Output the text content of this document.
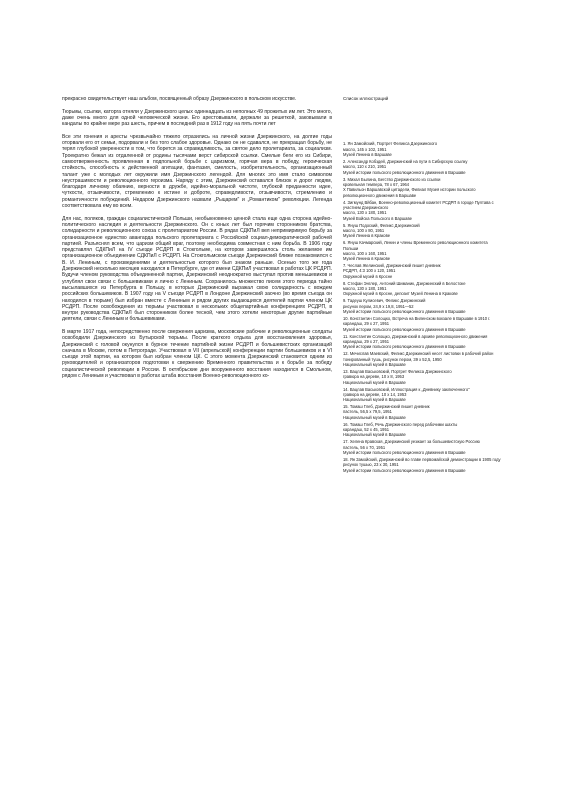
прекрасно свидетельствует наш альбом, посвященный образу Дзержинского в польском искусстве.

Тюрьмы, ссылки, каторга отняли у Дзержинского целых одиннадцать из неполных 49 прожитых им лет. Это много, даже очень много для одной человеческой жизни. Его арестовывали, держали за решеткой, заковывали в кандалы по крайне мере раз шесть, причем в последний раз в 1912 году на пять почти лет

Все эти гонения и аресты чрезвычайно тяжело отразились на личной жизни Дзержинского, на долгие годы оторвали его от семьи, подорвали и без того слабое здоровье. Однако он не сдавался, не прекращал борьбу, не терял глубокой уверенности в том, что борется за справедливость, за святое дело пролетариата, за социализм. Троекратно бежал из отдаленной от родины тысячами верст сибирской ссылки. Смелые беги его из Сибири, самоотверженность проявленная в подпольной борьбе с царизмом, горячая вера в победу, героическая стойкость, способность к действенной агитации, фантазия, смелость, изобретательность, организационный талант уже с молодых лет окружили имя Дзержинского легендой. Для многих это имя стало символом неустрашимости и революционного героизма. Наряду с этим, Дзержинский оставался близок и дорог людям, благодаря личному обаянию, верности в дружбе, идейно-моральной чистоте, глубокой преданности идее, чуткости, отзывчивости, стремлению к истине и доброте, справедливости, отзывчивости, стремлению и романтичности побуждений. Недаром Дзержинского назвали „Рыцарем" и „Романтиком" революции. Легенда соответствовала ему во всем.

Для нас, поляков, граждан социалистической Польши, необыкновенно ценной стала еще одна сторона идейно-политического наследия и деятельности Дзержинского. Он с юных лет был горячим сторонником братства, солидарности и революционного союза с пролетариатом России. В рядах СДКПиЛ вел непримиримую борьбу за организационное единство авангарда польского пролетариата с Российской социал-демократической рабочей партией. Разъяснял всем, что царизм общий враг, поэтому необходима совместная с ним борьба. В 1906 году представлял СДКПиЛ на IV съезде РСДРП в Стокгольме, на котором завершилось столь желаемое им организационное объединение СДКПиЛ с РСДРП. На Стокгольмском съезде Дзержинский ближе познакомился с В. И. Лениным, с произведениями и деятельностью которого был знаком раньше. Осенью того же года Дзержинский несколько месяцев находился в Петербурге, где от имени СДКПиЛ участвовал в работах ЦК РСДРП. Будучи членом руководства объединенной партии, Дзержинский неоднократно выступал против меньшевиков и углублял свои связи с большевиками и лично с Лениным. Сохранилось множество писем этого периода тайно высылавшихся из Петербурга в Польшу, в которых Дзержинский выражал свою солидарность с вождем российских большевиков. В 1907 году на V съезде РСДРП в Лондоне Дзержинский заочно (во время съезда он находился в тюрьме) был избран вместе с Лениным и рядом других выдающихся деятелей партии членом ЦК РСДРП. После освобождения из тюрьмы участвовал в нескольких общепартийных конференциях РСДРП, в внутри руководства СДКПиЛ был сторонником более тесной, чем этого хотели некоторые другие партийные деятели, связи с Лениным и большевиками.

В марте 1917 года, непосредственно после свержения царизма, московские рабочие и революционные солдаты освободили Дзержинского из Бутырской тюрьмы. После краткого отдыха для восстановления здоровья, Дзержинский с головой окунулся в бурное течение партийной жизни РСДРП и большевистских организаций сначала в Москве, потом в Петрограде. Участвовал в VII (апрельской) конференции партии большевиков и в VI съезде этой партии, на котором был избран членом ЦК. С этого момента Дзержинский становится одним из руководителей и организаторов подготовки к свержению Временного правительства и к борьбе за победу социалистической революции в России. В октябрьские дни вооруженного восстания находился в Смольном, рядом с Лениным и участвовал в работах штаба восстания Военно-революционного ко-

Список иллюстраций
1. Ян Замойский, Портрет Феликса Дзержинского
масло, 145 x 102, 1951
Музей Ленина в Варшаве
2. Александр Кобздей, Дзержинский на пути в Сибирскую ссылку
масло, 110 x 210, 1951
Музей истории польского революционного движения в Варшаве
3. Михал Былина, Бегство Дзержинского из ссылки
кровельная темпера, 78 x 67, 1964
X Павильон Варшавской цитадели, Филиал Музея истории польского революционного движения в Варшаве
4. Зигмунд Вйбан, Военно-революционный комитет РСДРП в городе Пултава с участием Дзержинского
масло, 130 x 180, 1951
Музей Войска Польского в Варшаве
5. Януш Подоский, Феликс Дзержинский
масло, 100 x 80, 1951
Музей Ленина в Кракове
6. Януш Качмарский, Ленин и члены Временного революционного комитета Польши
масло, 100 x 160, 1951
Музей Ленина в Кракове
7. Чеслав Желинский, Дзержинский пишет дневник
РСДРП, 4:3 100 x 120, 1951
Окружной музей в Кросне
8. Стефан Энглер, Антоний Шиманик, Дзержинский в Белостоке
масло, 130 x 180, 1951
Окружной музей в Кросне, депозит Музей Ленина в Кракове
9. Тадеуш Кулисевич, Феликс Дзержинский
рисунок пером, 24,9 x 19,8, 1951—52
Музей истории польского революционного движения в Варшаве
10. Константин Солощко, Встреча на Виленском вокзале в Варшаве в 1910 г.
карандаш, 29 x 27, 1951
Музей истории польского революционного движения в Варшаве
11. Константин Солощко, Дзержинский в архиве революционного движения
карандаш, 29 x 27, 1951
Музей истории польского революционного движения в Варшаве
12. Мечислав Маевский, Феликс Дзержинский несет листовки в рабочий район
тонированный тушь, рисунок пером, 39 x 52,5, 1950
Национальный музей в Варшаве
13. Вацлав Васьковский, Портрет Феликса Дзержинского
гравюра на дереве, 10 x 8, 1953
Национальный музей в Варшаве
14. Вацлав Васьковский, Иллюстрация к „Дневнику заключенного"
гравюра на дереве, 10 x 14, 1953
Национальный музей в Варшаве
15. Томаш Глеб, Дзержинский пишет дневник
пастель, 56,5 x 79,5, 1951
Национальный музей в Варшаве
16. Томаш Глеб, Речь Дзержинского перед рабочими шахты
карандаш, 52 x 45, 1951
Национальный музей в Варшаве
17. Хелена Кравская, Дзержинский уезжает за большевистскую Россию
пастель, 56 x 70, 1951
Музей истории польского революционного движения в Варшаве
18. Ян Замойский, Дзержинский во главе первомайской демонстрации в 1905 году
рисунок тушью, 23 x 30, 1951
Музей истории польского революционного движения в Варшаве
